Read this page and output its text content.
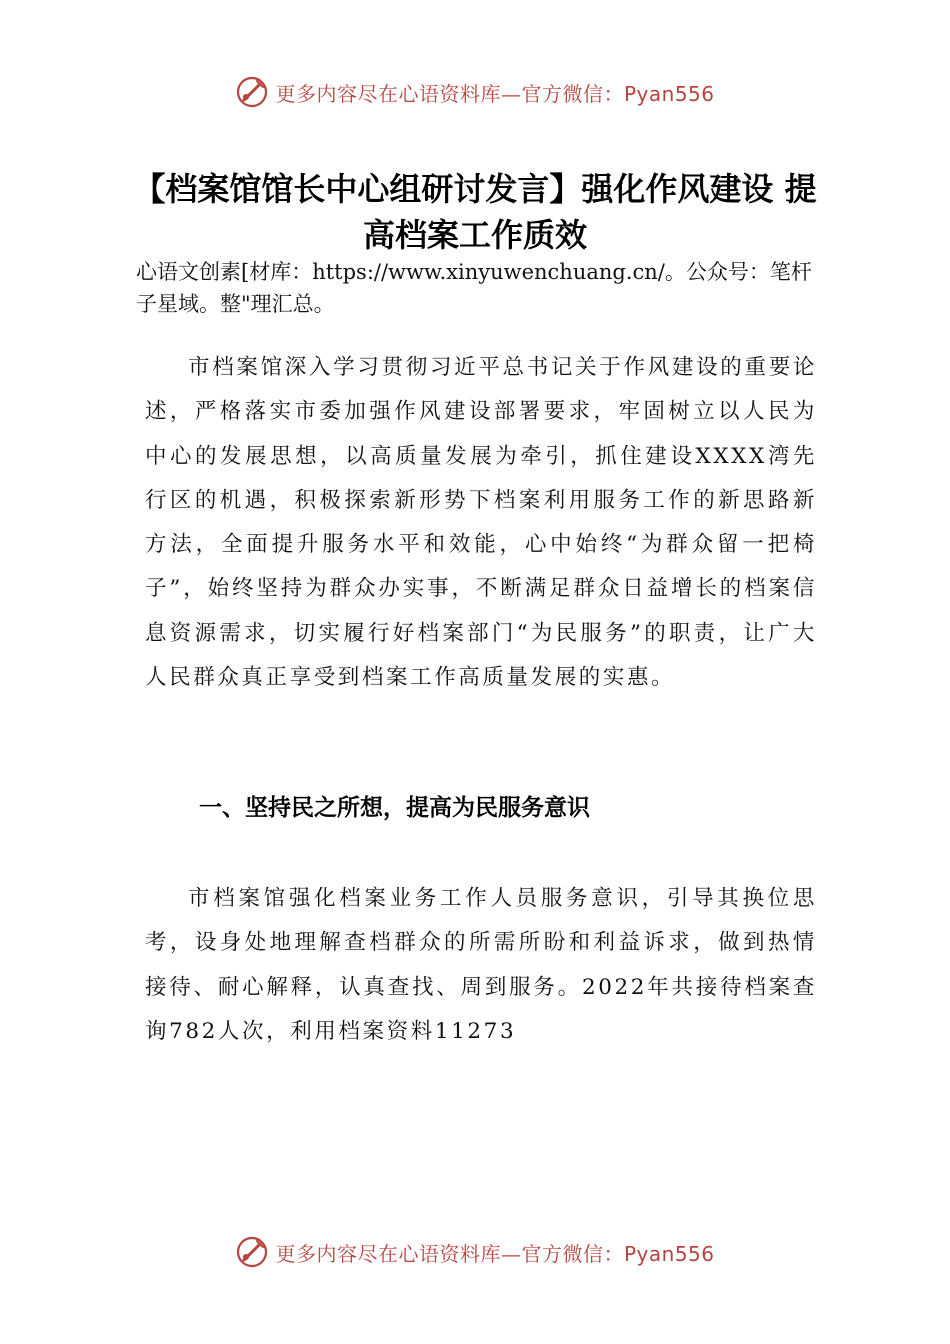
更多内容尽在心语资料库—官方微信：Pyan556
【档案馆馆长中心组研讨发言】强化作风建设 提高档案工作质效

心语文创素[材库：https://www.xinyuwenchuang.cn/。公众号：笔杆子星域。整"理汇总。

市档案馆深入学习贯彻习近平总书记关于作风建设的重要论述，严格落实市委加强作风建设部署要求，牢固树立以人民为中心的发展思想，以高质量发展为牵引，抓住建设XXXX湾先行区的机遇，积极探索新形势下档案利用服务工作的新思路新方法，全面提升服务水平和效能，心中始终“为群众留一把椅子”，始终坚持为群众办实事，不断满足群众日益增长的档案信息资源需求，切实履行好档案部门“为民服务”的职责，让广大人民群众真正享受到档案工作高质量发展的实惠。

一、坚持民之所想，提高为民服务意识

市档案馆强化档案业务工作人员服务意识，引导其换位思考，设身处地理解查档群众的所需所盼和利益诉求，做到热情接待、耐心解释，认真查找、周到服务。2022年共接待档案查询782人次，利用档案资料11273

更多内容尽在心语资料库—官方微信：Pyan556
